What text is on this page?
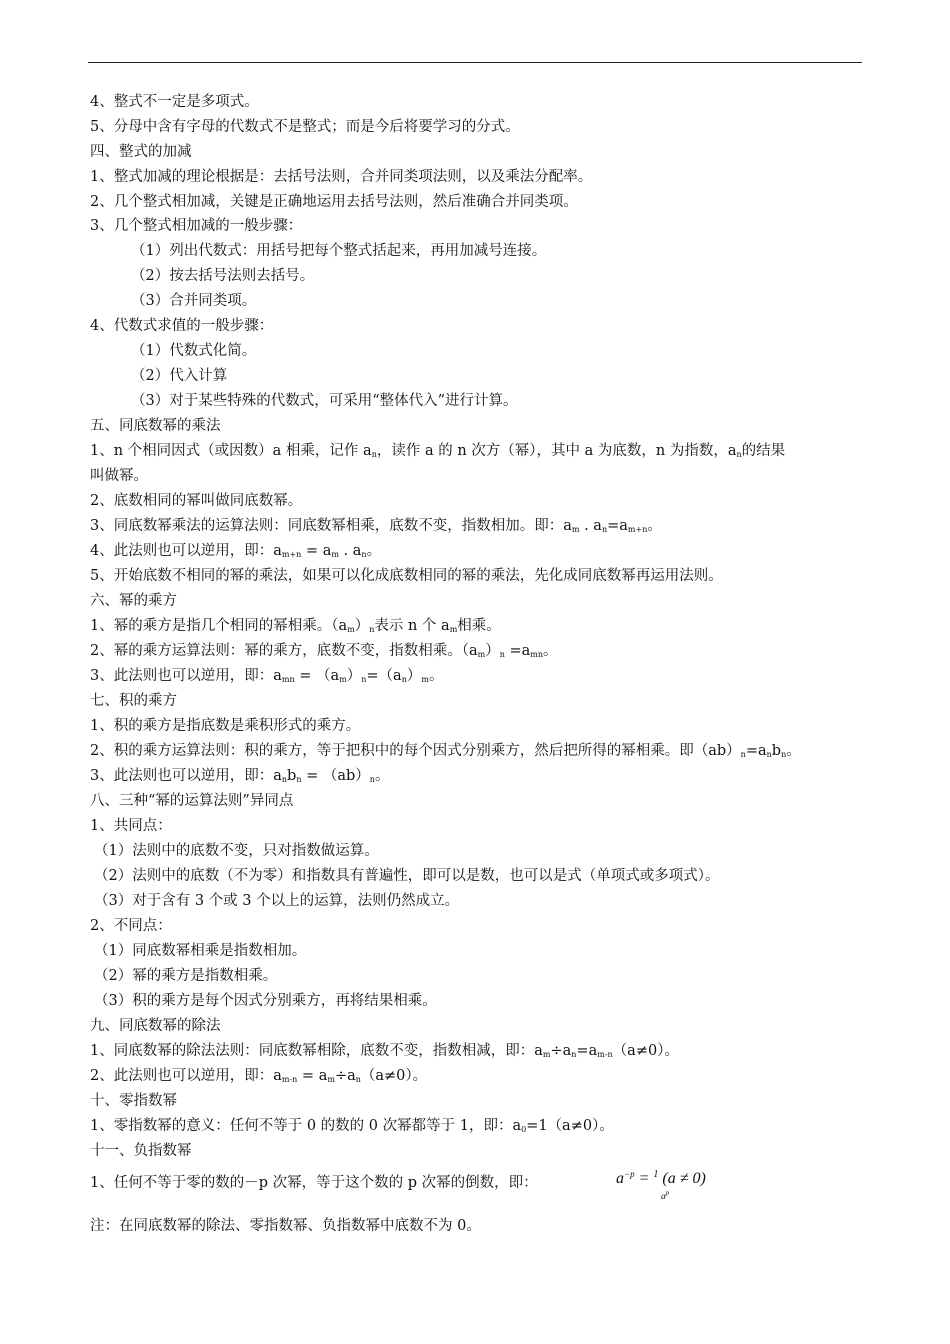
4、整式不一定是多项式。
5、分母中含有字母的代数式不是整式；而是今后将要学习的分式。
四、整式的加减
1、整式加减的理论根据是：去括号法则，合并同类项法则，以及乘法分配率。
2、几个整式相加减，关键是正确地运用去括号法则，然后准确合并同类项。
3、几个整式相加减的一般步骤：
（1）列出代数式：用括号把每个整式括起来，再用加减号连接。
（2）按去括号法则去括号。
（3）合并同类项。
4、代数式求值的一般步骤：
（1）代数式化简。
（2）代入计算
（3）对于某些特殊的代数式，可采用“整体代入”进行计算。
五、同底数幂的乘法
1、n 个相同因式（或因数）a 相乘，记作 an，读作 a 的 n 次方（幂），其中 a 为底数，n 为指数，an的结果
叫做幂。
2、底数相同的幂叫做同底数幂。
3、同底数幂乘法的运算法则：同底数幂相乘，底数不变，指数相加。即：am . an=am+n。
4、此法则也可以逆用，即：am+n = am . an。
5、开始底数不相同的幂的乘法，如果可以化成底数相同的幂的乘法，先化成同底数幂再运用法则。
六、幂的乘方
1、幂的乘方是指几个相同的幂相乘。（am）n表示 n 个 am相乘。
2、幂的乘方运算法则：幂的乘方，底数不变，指数相乘。（am）n =amn。
3、此法则也可以逆用，即：amn = （am）n=（an）m。
七、积的乘方
1、积的乘方是指底数是乘积形式的乘方。
2、积的乘方运算法则：积的乘方，等于把积中的每个因式分别乘方，然后把所得的幂相乘。即（ab）n=anbn。
3、此法则也可以逆用，即：anbn = （ab）n。
八、三种“幂的运算法则”异同点
1、共同点：
（1）法则中的底数不变，只对指数做运算。
（2）法则中的底数（不为零）和指数具有普遍性，即可以是数，也可以是式（单项式或多项式）。
（3）对于含有 3 个或 3 个以上的运算，法则仍然成立。
2、不同点：
（1）同底数幂相乘是指数相加。
（2）幂的乘方是指数相乘。
（3）积的乘方是每个因式分别乘方，再将结果相乘。
九、同底数幂的除法
1、同底数幂的除法法则：同底数幂相除，底数不变，指数相减，即：am÷an=am-n（a≠0）。
2、此法则也可以逆用，即：am-n = am÷an（a≠0）。
十、零指数幂
1、零指数幂的意义：任何不等于 0 的数的 0 次幂都等于 1，即：a0=1（a≠0）。
十一、负指数幂
1、任何不等于零的数的－p 次幂，等于这个数的 p 次幂的倒数，即：	$a^{-p} = ^1$ (a ≠ 0)
$a^p$
注：在同底数幂的除法、零指数幂、负指数幂中底数不为 0。
